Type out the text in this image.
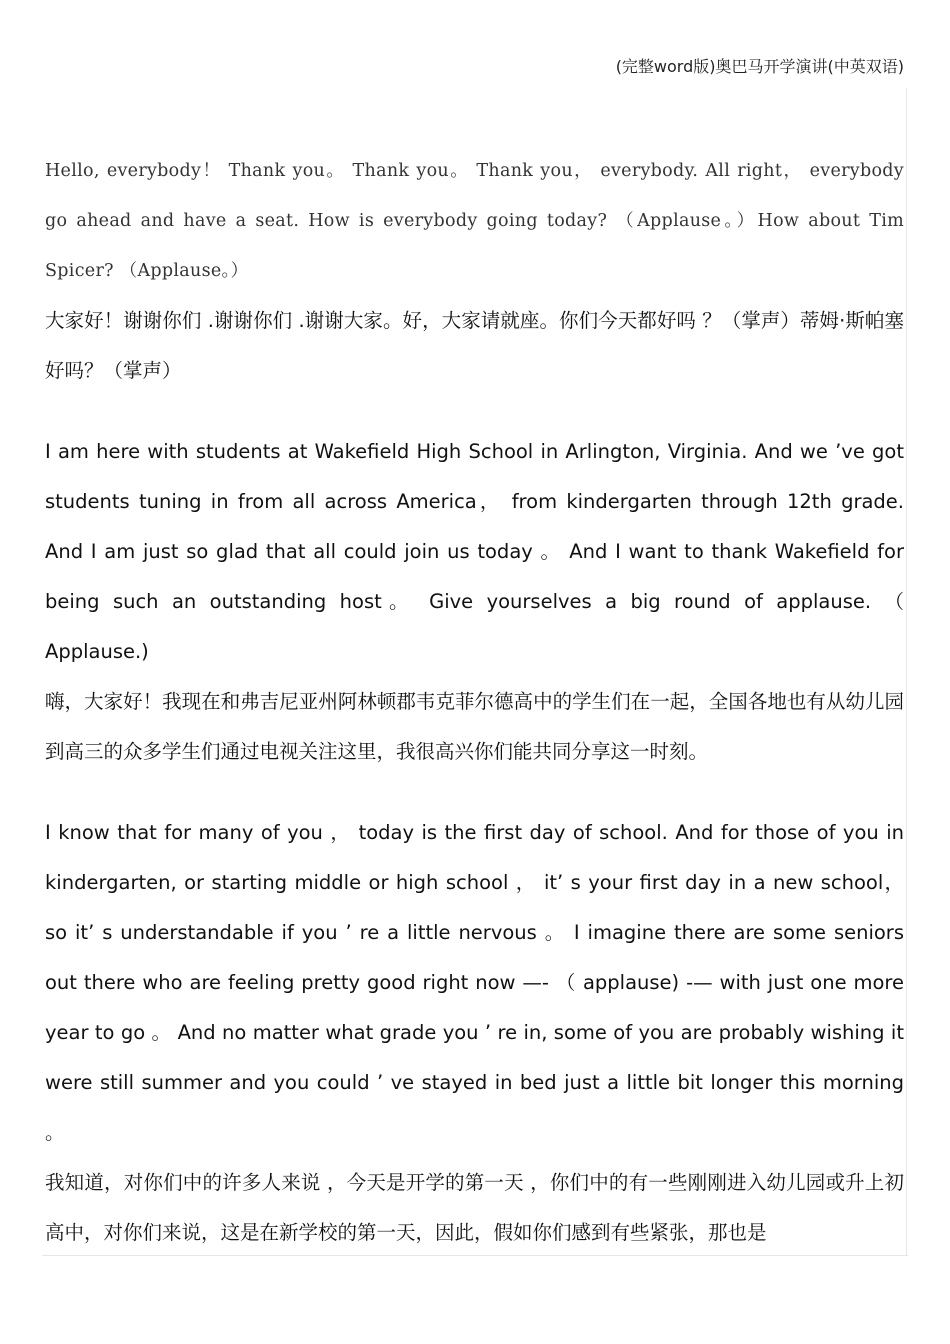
(完整word版)奥巴马开学演讲(中英双语)

Hello, everybody！ Thank you。 Thank you。 Thank you， everybody. All right， everybody go ahead and have a seat. How is everybody going today? （Applause。）How about Tim Spicer? （Applause。）

大家好！谢谢你们 .谢谢你们 .谢谢大家。好，大家请就座。你们今天都好吗 ？（掌声）蒂姆·斯帕塞好吗？（掌声）

I am here with students at Wakefield High School in Arlington, Virginia. And we ’ve got students tuning in from all across America， from kindergarten through 12th grade. And I am just so glad that all could join us today 。 And I want to thank Wakefield for being such an outstanding host。 Give yourselves a big round of applause. （ Applause.)

嗨，大家好！我现在和弗吉尼亚州阿林顿郡韦克菲尔德高中的学生们在一起，全国各地也有从幼儿园到高三的众多学生们通过电视关注这里，我很高兴你们能共同分享这一时刻。

I know that for many of you ， today is the first day of school. And for those of you in kindergarten, or starting middle or high school ， it’ s your first day in a new school， so it’ s understandable if you ’ re a little nervous 。 I imagine there are some seniors out there who are feeling pretty good right now —- （ applause) -— with just one more year to go 。 And no matter what grade you ’ re in, some of you are probably wishing it were still summer and you could ’ ve stayed in bed just a little bit longer this morning 。

我知道，对你们中的许多人来说 ，今天是开学的第一天 ，你们中的有一些刚刚进入幼儿园或升上初高中，对你们来说，这是在新学校的第一天，因此，假如你们感到有些紧张，那也是
